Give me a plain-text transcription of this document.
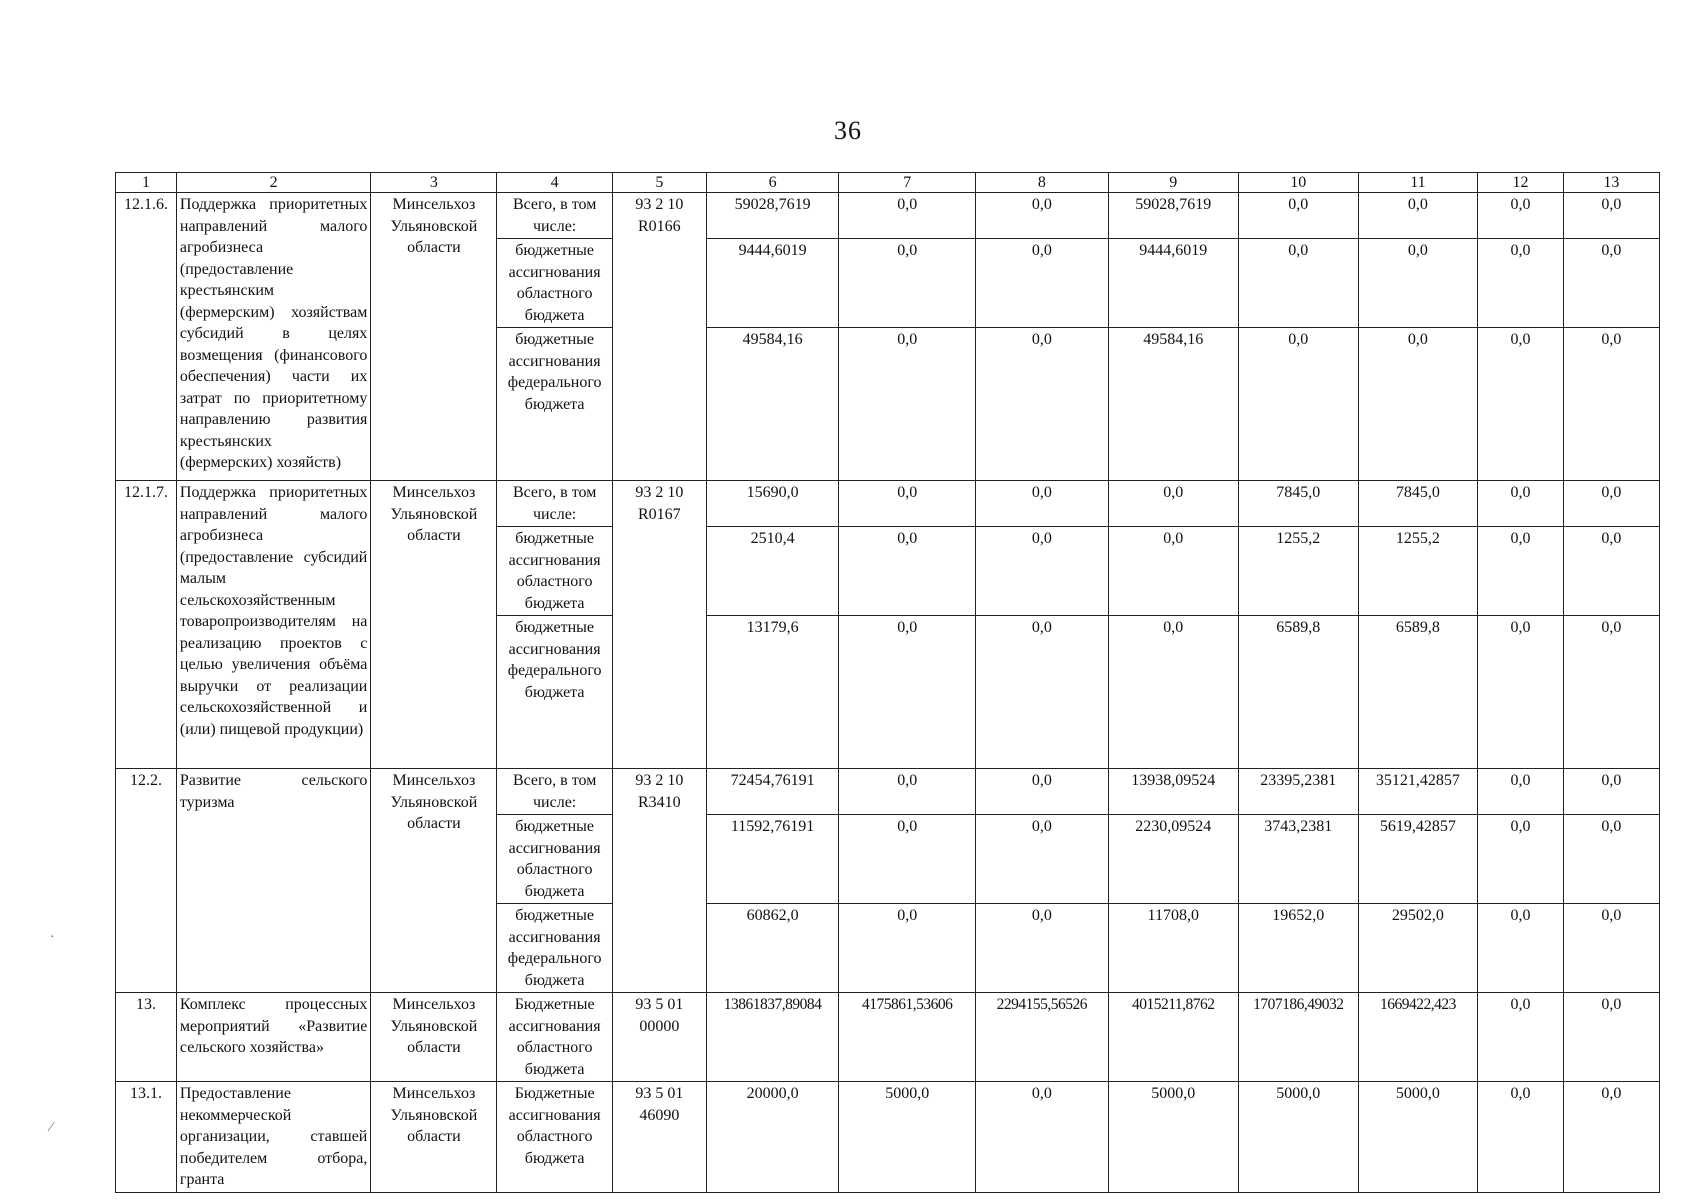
36
1	2	3	4	5	6	7	8	9	10	11	12	13
12.1.6.	Поддержка приоритетных направлений малого агробизнеса (предоставление крестьянским (фермерским) хозяйствам субсидий в целях возмещения (финансового обеспечения) части их затрат по приоритетному направлению развития крестьянских (фермерских) хозяйств)	Минсельхоз Ульяновской области	Всего, в том числе:	93 2 10 R0166	59028,7619	0,0	0,0	59028,7619	0,0	0,0	0,0	0,0
			бюджетные ассигнования областного бюджета		9444,6019	0,0	0,0	9444,6019	0,0	0,0	0,0	0,0
			бюджетные ассигнования федерального бюджета		49584,16	0,0	0,0	49584,16	0,0	0,0	0,0	0,0
12.1.7.	Поддержка приоритетных направлений малого агробизнеса (предоставление субсидий малым сельскохозяйственным товаропроизводителям на реализацию проектов с целью увеличения объёма выручки от реализации сельскохозяйственной и (или) пищевой продукции)	Минсельхоз Ульяновской области	Всего, в том числе:	93 2 10 R0167	15690,0	0,0	0,0	0,0	7845,0	7845,0	0,0	0,0
			бюджетные ассигнования областного бюджета		2510,4	0,0	0,0	0,0	1255,2	1255,2	0,0	0,0
			бюджетные ассигнования федерального бюджета		13179,6	0,0	0,0	0,0	6589,8	6589,8	0,0	0,0
12.2.	Развитие сельского туризма	Минсельхоз Ульяновской области	Всего, в том числе:	93 2 10 R3410	72454,76191	0,0	0,0	13938,09524	23395,2381	35121,42857	0,0	0,0
			бюджетные ассигнования областного бюджета		11592,76191	0,0	0,0	2230,09524	3743,2381	5619,42857	0,0	0,0
			бюджетные ассигнования федерального бюджета		60862,0	0,0	0,0	11708,0	19652,0	29502,0	0,0	0,0
13.	Комплекс процессных мероприятий «Развитие сельского хозяйства»	Минсельхоз Ульяновской области	Бюджетные ассигнования областного бюджета	93 5 01 00000	13861837,89084	4175861,53606	2294155,56526	4015211,8762	1707186,49032	1669422,423	0,0	0,0
13.1.	Предоставление некоммерческой организации, ставшей победителем отбора, гранта	Минсельхоз Ульяновской области	Бюджетные ассигнования областного бюджета	93 5 01 46090	20000,0	5000,0	0,0	5000,0	5000,0	5000,0	0,0	0,0
·
⁄
